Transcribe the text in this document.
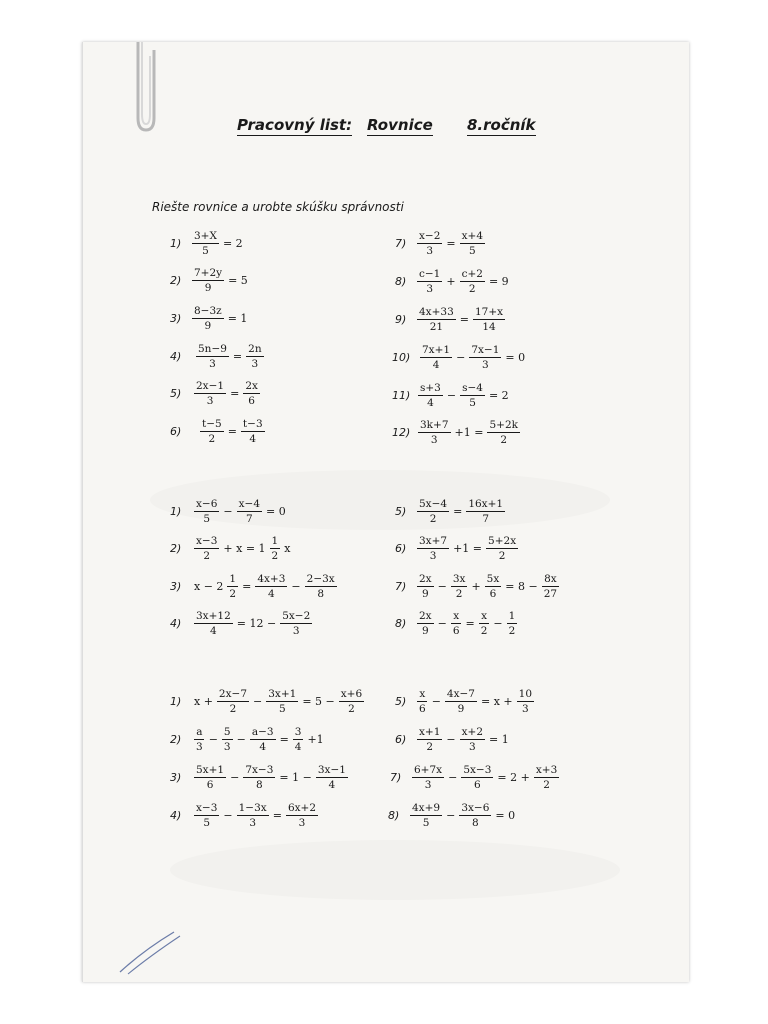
Pracovný list: Rovnice 8.ročník
Riešte rovnice a urobte skúšku správnosti
1)	$\frac{3+X}{5} = 2$
2)	$\frac{7+2y}{9} = 5$
3)	$\frac{8-3z}{9} = 1$
4)	$\frac{5n-9}{3} = \frac{2n}{3}$
5)	$\frac{2x-1}{3} = \frac{2x}{6}$
6)	$\frac{t-5}{2} = \frac{t-3}{4}$
7)	$\frac{x-2}{3} = \frac{x+4}{5}$
8)	$\frac{c-1}{3} + \frac{c+2}{2} = 9$
9)	$\frac{4x+33}{21} = \frac{17+x}{14}$
$10) \frac{7x+1}{4} - \frac{7x-1}{3} = 0$
$11) \frac{s+3}{4} - \frac{s-4}{5} = 2$
$12) \frac{3k+7}{3} +1 = \frac{5+2k}{2}$
1)	$\frac{x-6}{5} - \frac{x-4}{7} = 0$
2)	$\frac{x-3}{2} + x = 1 \frac{1}{2}$ x
3)	$x - 2 \frac{1}{2} = \frac{4x+3}{4} - \frac{2-3x}{8}$
4)	$\frac{3x+12}{4} = 12 - \frac{5x-2}{3}$
5)	$\frac{5x-4}{2} = \frac{16x+1}{7}$
6)	$\frac{3x+7}{3} +1 = \frac{5+2x}{2}$
7)	$\frac{2x}{9} - \frac{3x}{2} + \frac{5x}{6} = 8 - \frac{8x}{27}$
8)	$\frac{2x}{9} - \frac{x}{6} = \frac{x}{2} - \frac{1}{2}$
1)	$x + \frac{2x-7}{2} - \frac{3x+1}{5} = 5 - \frac{x+6}{2}$
2)	$\frac{a}{3} - \frac{5}{3} - \frac{a-3}{4} = \frac{3}{4} +1$
3)	$\frac{5x+1}{6} - \frac{7x-3}{8} = 1 - \frac{3x-1}{4}$
4)	$\frac{x-3}{5} - \frac{1-3x}{3} = \frac{6x+2}{3}$
5)	$\frac{x}{6} - \frac{4x-7}{9} = x + \frac{10}{3}$
6)	$\frac{x+1}{2} - \frac{x+2}{3} = 1$
7)	$\frac{6+7x}{3} - \frac{5x-3}{6} = 2 + \frac{x+3}{2}$
8)	$\frac{4x+9}{5} - \frac{3x-6}{8} = 0$
